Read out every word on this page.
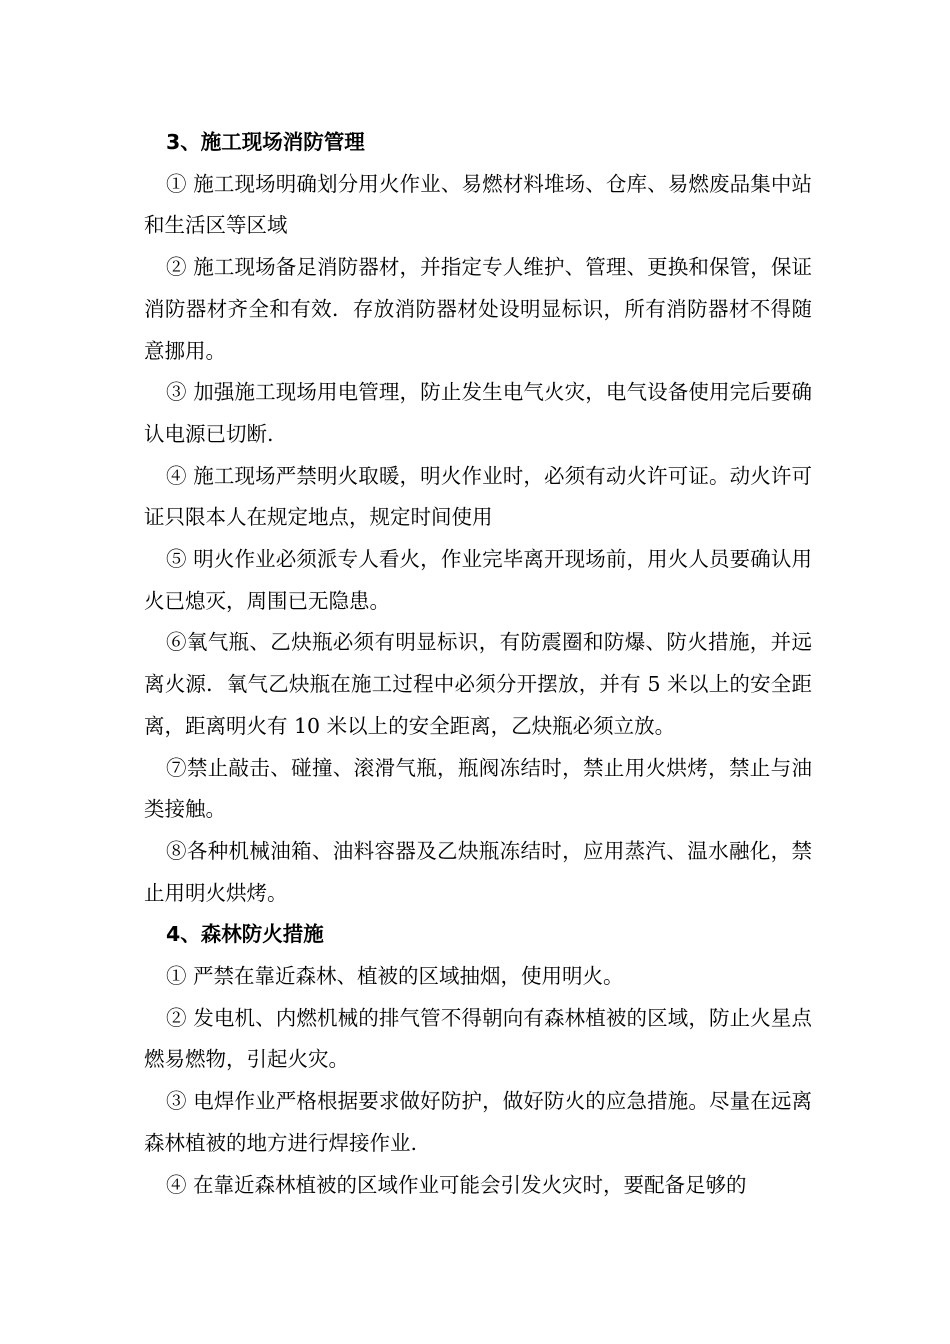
3、施工现场消防管理
① 施工现场明确划分用火作业、易燃材料堆场、仓库、易燃废品集中站和生活区等区域
② 施工现场备足消防器材，并指定专人维护、管理、更换和保管，保证消防器材齐全和有效．存放消防器材处设明显标识，所有消防器材不得随意挪用。
③ 加强施工现场用电管理，防止发生电气火灾，电气设备使用完后要确认电源已切断.
④ 施工现场严禁明火取暖，明火作业时，必须有动火许可证。动火许可证只限本人在规定地点，规定时间使用
⑤ 明火作业必须派专人看火，作业完毕离开现场前，用火人员要确认用火已熄灭，周围已无隐患。
⑥氧气瓶、乙炔瓶必须有明显标识，有防震圈和防爆、防火措施，并远离火源．氧气乙炔瓶在施工过程中必须分开摆放，并有 5 米以上的安全距离，距离明火有 10 米以上的安全距离，乙炔瓶必须立放。
⑦禁止敲击、碰撞、滚滑气瓶，瓶阀冻结时，禁止用火烘烤，禁止与油类接触。
⑧各种机械油箱、油料容器及乙炔瓶冻结时，应用蒸汽、温水融化，禁止用明火烘烤。
4、森林防火措施
① 严禁在靠近森林、植被的区域抽烟，使用明火。
② 发电机、内燃机械的排气管不得朝向有森林植被的区域，防止火星点燃易燃物，引起火灾。
③ 电焊作业严格根据要求做好防护，做好防火的应急措施。尽量在远离森林植被的地方进行焊接作业.
④ 在靠近森林植被的区域作业可能会引发火灾时，要配备足够的
